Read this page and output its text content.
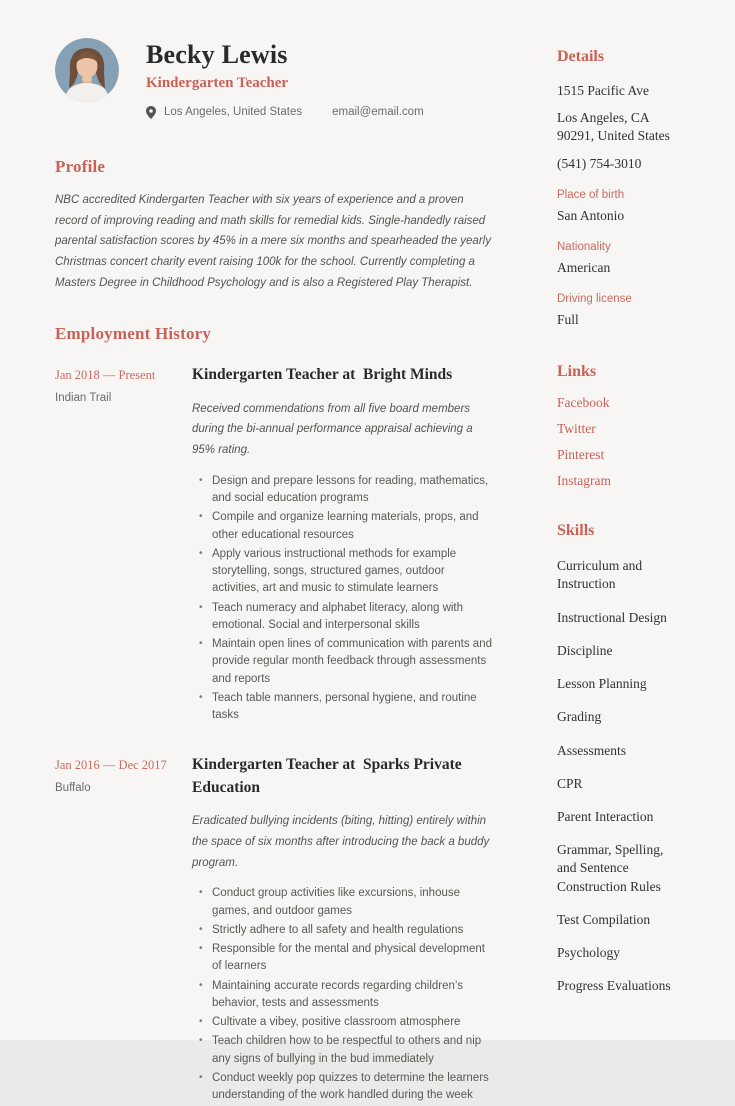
Becky Lewis
Kindergarten Teacher
Los Angeles, United States	email@email.com
Profile

NBC accredited Kindergarten Teacher with six years of experience and a proven record of improving reading and math skills for remedial kids. Single-handedly raised parental satisfaction scores by 45% in a mere six months and spearheaded the yearly Christmas concert charity event raising 100k for the school. Currently completing a Masters Degree in Childhood Psychology and is also a Registered Play Therapist.

Employment History
Jan 2018 — Present
Indian Trail
Kindergarten Teacher at  Bright Minds

Received commendations from all five board members during the bi-annual performance appraisal achieving a 95% rating.

• Design and prepare lessons for reading, mathematics, and social education programs
• Compile and organize learning materials, props, and other educational resources
• Apply various instructional methods for example storytelling, songs, structured games, outdoor activities, art and music to stimulate learners
• Teach numeracy and alphabet literacy, along with emotional. Social and interpersonal skills
• Maintain open lines of communication with parents and provide regular month feedback through assessments and reports
• Teach table manners, personal hygiene, and routine tasks
Jan 2016 — Dec 2017
Buffalo
Kindergarten Teacher at  Sparks Private Education

Eradicated bullying incidents (biting, hitting) entirely within the space of six months after introducing the back a buddy program.

• Conduct group activities like excursions, inhouse games, and outdoor games
• Strictly adhere to all safety and health regulations
• Responsible for the mental and physical development of learners
• Maintaining accurate records regarding children’s behavior, tests and assessments
• Cultivate a vibey, positive classroom atmosphere
• Teach children how to be respectful to others and nip any signs of bullying in the bud immediately
• Conduct weekly pop quizzes to determine the learners understanding of the work handled during the week
Details

1515 Pacific Ave

Los Angeles, CA 90291, United States

(541) 754-3010

Place of birth
San Antonio
Nationality
American
Driving license
Full
Links
Facebook
Twitter
Pinterest
Instagram
Skills
Curriculum and Instruction
Instructional Design
Discipline
Lesson Planning
Grading
Assessments
CPR
Parent Interaction
Grammar, Spelling, and Sentence Construction Rules
Test Compilation
Psychology
Progress Evaluations
